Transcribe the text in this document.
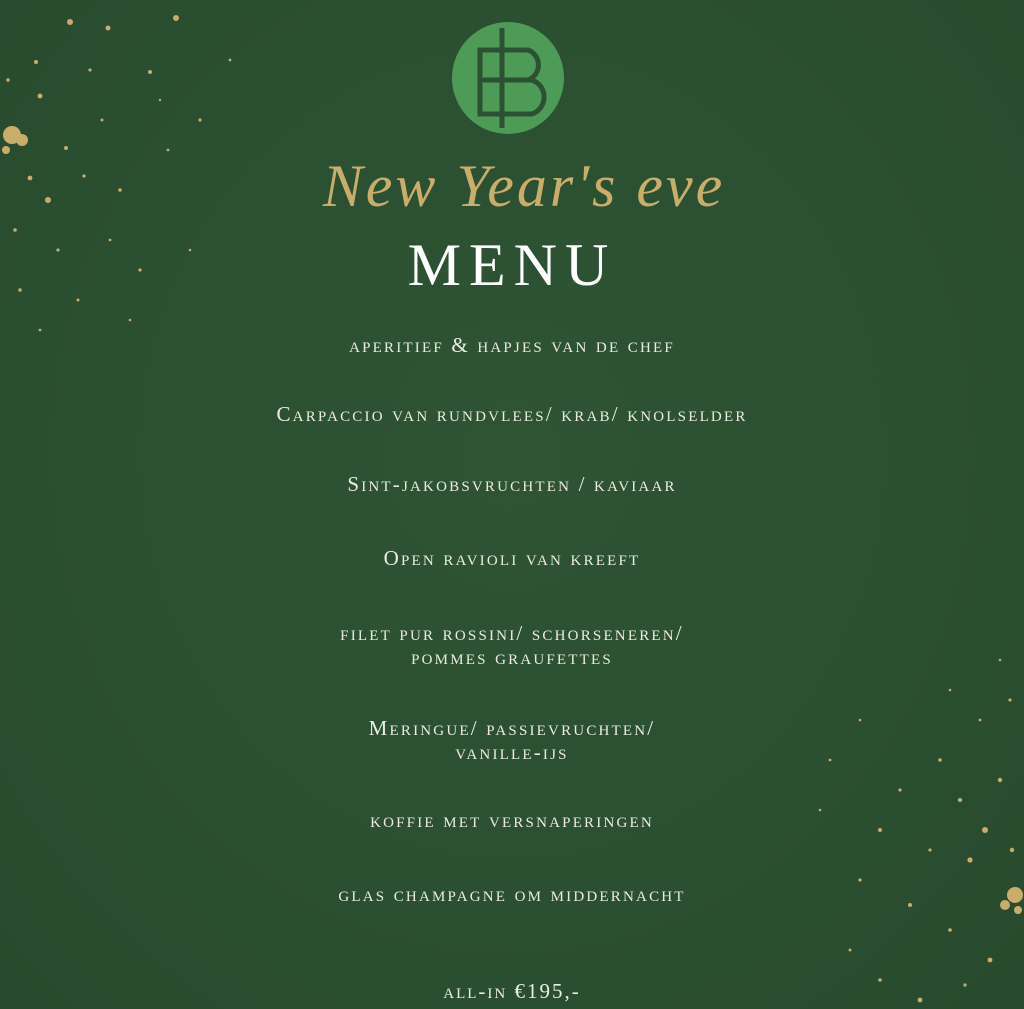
New Year's eve
MENU
aperitief & hapjes van de chef
Carpaccio van rundvlees/ krab/ knolselder
Sint-jakobsvruchten / kaviaar
Open ravioli van kreeft
filet pur rossini/ schorseneren/
pommes graufettes
Meringue/ passievruchten/
vanille-ijs
koffie met versnaperingen
glas champagne om middernacht
all-in €195,-
